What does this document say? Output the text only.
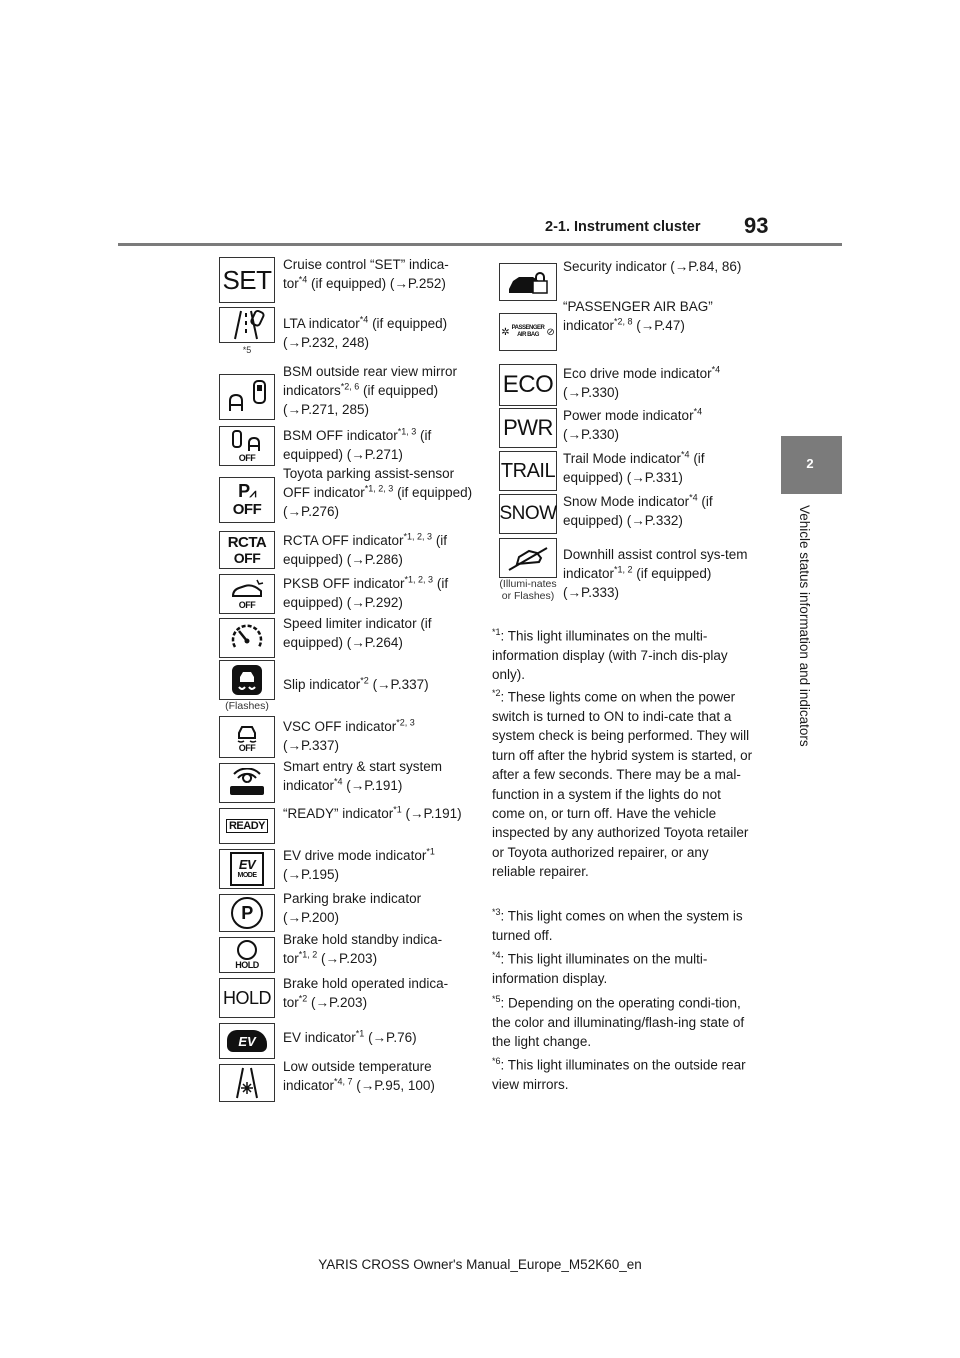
2-1. Instrument cluster 93
2
Vehicle status information and indicators
SET Cruise control “SET” indica-tor$^{*4}$ (if equipped) (→P.252)
*5
LTA indicator$^{*4}$ (if equipped) (→P.232, 248)
BSM outside rear view mirror indicators$^{*2, 6}$ (if equipped) (→P.271, 285)
OFF
BSM OFF indicator$^{*1, 3}$ (if equipped) (→P.271)
P⩘
OFF
Toyota parking assist-sensor OFF indicator$^{*1, 2, 3}$ (if equipped) (→P.276)
RCTA
OFF
RCTA OFF indicator$^{*1, 2, 3}$ (if equipped) (→P.286)
OFF
PKSB OFF indicator$^{*1, 2, 3}$ (if equipped) (→P.292)
Speed limiter indicator (if equipped) (→P.264)
(Flashes)
Slip indicator$^{*2}$ (→P.337)
OFF
VSC OFF indicator$^{*2, 3}$ (→P.337)
Smart entry & start system indicator$^{*4}$ (→P.191)
READY
“READY” indicator$^{*1}$ (→P.191)
EV
MODE
EV drive mode indicator$^{*1}$ (→P.195)
P
Parking brake indicator (→P.200)
HOLD
Brake hold standby indica-tor$^{*1, 2}$ (→P.203)
HOLD
Brake hold operated indica-tor$^{*2}$ (→P.203)
EV EV indicator$^{*1}$ (→P.76)
Low outside temperature indicator$^{*4, 7}$ (→P.95, 100)
Security indicator (→P.84, 86)
✲ PASSENGER
AIR BAG ⊘
“PASSENGER AIR BAG” indicator$^{*2, 8}$ (→P.47)
ECO Eco drive mode indicator$^{*4}$ (→P.330)
PWR Power mode indicator$^{*4}$ (→P.330)
TRAIL
Trail Mode indicator$^{*4}$ (if equipped) (→P.331)
SNOW
Snow Mode indicator$^{*4}$ (if equipped) (→P.332)
(Illumi-nates or Flashes)
Downhill assist control sys-tem indicator$^{*1, 2}$ (if equipped) (→P.333)
$^{*1}$: This light illuminates on the multi-information display (with 7-inch dis-play only).
$^{*2}$: These lights come on when the power switch is turned to ON to indi-cate that a system check is being performed. They will turn off after the hybrid system is started, or after a few seconds. There may be a mal-function in a system if the lights do not come on, or turn off. Have the vehicle inspected by any authorized Toyota retailer or Toyota authorized repairer, or any reliable repairer.
$^{*3}$: This light comes on when the system is turned off.
$^{*4}$: This light illuminates on the multi-information display.
$^{*5}$: Depending on the operating condi-tion, the color and illuminating/flash-ing state of the light change.
$^{*6}$: This light illuminates on the outside rear view mirrors.
YARIS CROSS Owner's Manual_Europe_M52K60_en
